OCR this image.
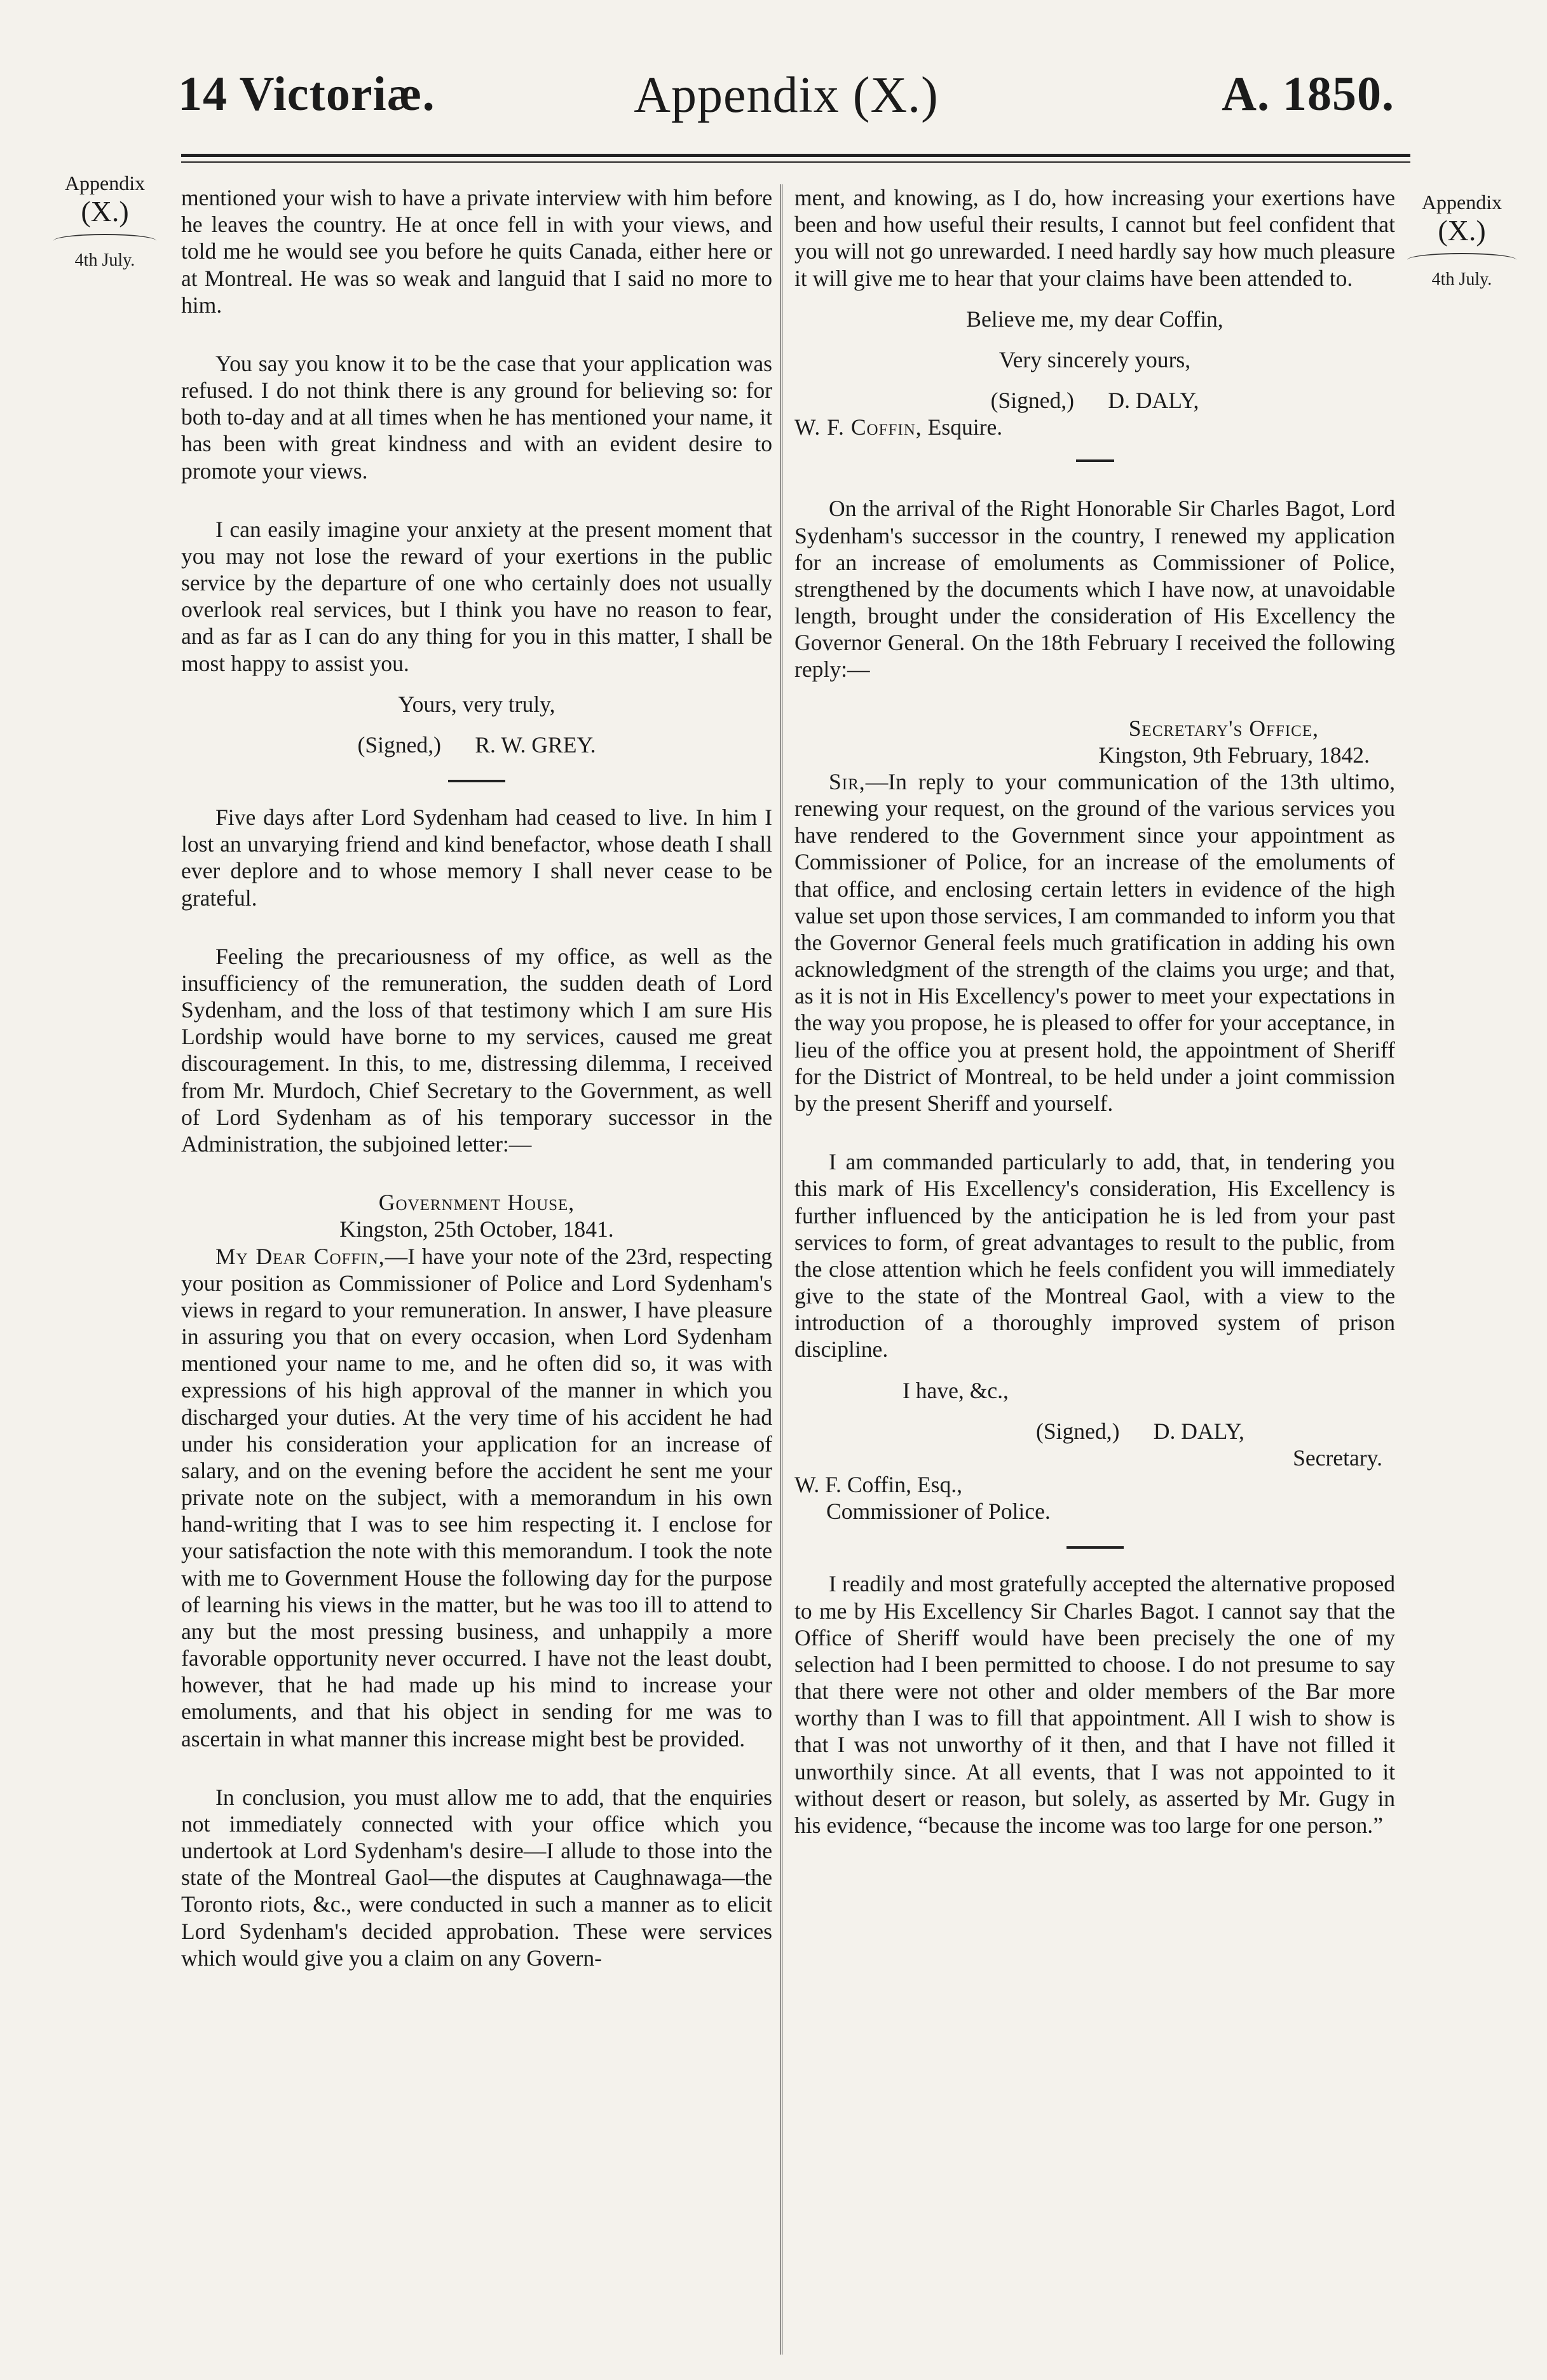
14 Victoriæ.	Appendix (X.)	A. 1850.
Appendix
(X.)
4th July.
Appendix
(X.)
4th July.

mentioned your wish to have a private interview with him before he leaves the country. He at once fell in with your views, and told me he would see you before he quits Canada, either here or at Montreal. He was so weak and languid that I said no more to him.

You say you know it to be the case that your application was refused. I do not think there is any ground for believing so: for both to-day and at all times when he has mentioned your name, it has been with great kindness and with an evident desire to promote your views.

I can easily imagine your anxiety at the present moment that you may not lose the reward of your exertions in the public service by the departure of one who certainly does not usually overlook real services, but I think you have no reason to fear, and as far as I can do any thing for you in this matter, I shall be most happy to assist you.

Yours, very truly,

(Signed,) R. W. GREY.

Five days after Lord Sydenham had ceased to live. In him I lost an unvarying friend and kind benefactor, whose death I shall ever deplore and to whose memory I shall never cease to be grateful.

Feeling the precariousness of my office, as well as the insufficiency of the remuneration, the sudden death of Lord Sydenham, and the loss of that testimony which I am sure His Lordship would have borne to my services, caused me great discouragement. In this, to me, distressing dilemma, I received from Mr. Murdoch, Chief Secretary to the Government, as well of Lord Sydenham as of his temporary successor in the Administration, the subjoined letter:—

Government House,

Kingston, 25th October, 1841.

My Dear Coffin,—I have your note of the 23rd, respecting your position as Commissioner of Police and Lord Sydenham's views in regard to your remuneration. In answer, I have pleasure in assuring you that on every occasion, when Lord Sydenham mentioned your name to me, and he often did so, it was with expressions of his high approval of the manner in which you discharged your duties. At the very time of his accident he had under his consideration your application for an increase of salary, and on the evening before the accident he sent me your private note on the subject, with a memorandum in his own hand-writing that I was to see him respecting it. I enclose for your satisfaction the note with this memorandum. I took the note with me to Government House the following day for the purpose of learning his views in the matter, but he was too ill to attend to any but the most pressing business, and unhappily a more favorable opportunity never occurred. I have not the least doubt, however, that he had made up his mind to increase your emoluments, and that his object in sending for me was to ascertain in what manner this increase might best be provided.

In conclusion, you must allow me to add, that the enquiries not immediately connected with your office which you undertook at Lord Sydenham's desire—I allude to those into the state of the Montreal Gaol—the disputes at Caughnawaga—the Toronto riots, &c., were conducted in such a manner as to elicit Lord Sydenham's decided approbation. These were services which would give you a claim on any Govern-

ment, and knowing, as I do, how increasing your exertions have been and how useful their results, I cannot but feel confident that you will not go unrewarded. I need hardly say how much pleasure it will give me to hear that your claims have been attended to.

Believe me, my dear Coffin,

Very sincerely yours,

(Signed,) D. DALY,

W. F. Coffin, Esquire.

On the arrival of the Right Honorable Sir Charles Bagot, Lord Sydenham's successor in the country, I renewed my application for an increase of emoluments as Commissioner of Police, strengthened by the documents which I have now, at unavoidable length, brought under the consideration of His Excellency the Governor General. On the 18th February I received the following reply:—

Secretary's Office,

Kingston, 9th February, 1842.

Sir,—In reply to your communication of the 13th ultimo, renewing your request, on the ground of the various services you have rendered to the Government since your appointment as Commissioner of Police, for an increase of the emoluments of that office, and enclosing certain letters in evidence of the high value set upon those services, I am commanded to inform you that the Governor General feels much gratification in adding his own acknowledgment of the strength of the claims you urge; and that, as it is not in His Excellency's power to meet your expectations in the way you propose, he is pleased to offer for your acceptance, in lieu of the office you at present hold, the appointment of Sheriff for the District of Montreal, to be held under a joint commission by the present Sheriff and yourself.

I am commanded particularly to add, that, in tendering you this mark of His Excellency's consideration, His Excellency is further influenced by the anticipation he is led from your past services to form, of great advantages to result to the public, from the close attention which he feels confident you will immediately give to the state of the Montreal Gaol, with a view to the introduction of a thoroughly improved system of prison discipline.

I have, &c.,

(Signed,) D. DALY,

Secretary.

W. F. Coffin, Esq.,

Commissioner of Police.

I readily and most gratefully accepted the alternative proposed to me by His Excellency Sir Charles Bagot. I cannot say that the Office of Sheriff would have been precisely the one of my selection had I been permitted to choose. I do not presume to say that there were not other and older members of the Bar more worthy than I was to fill that appointment. All I wish to show is that I was not unworthy of it then, and that I have not filled it unworthily since. At all events, that I was not appointed to it without desert or reason, but solely, as asserted by Mr. Gugy in his evidence, “because the income was too large for one person.”
